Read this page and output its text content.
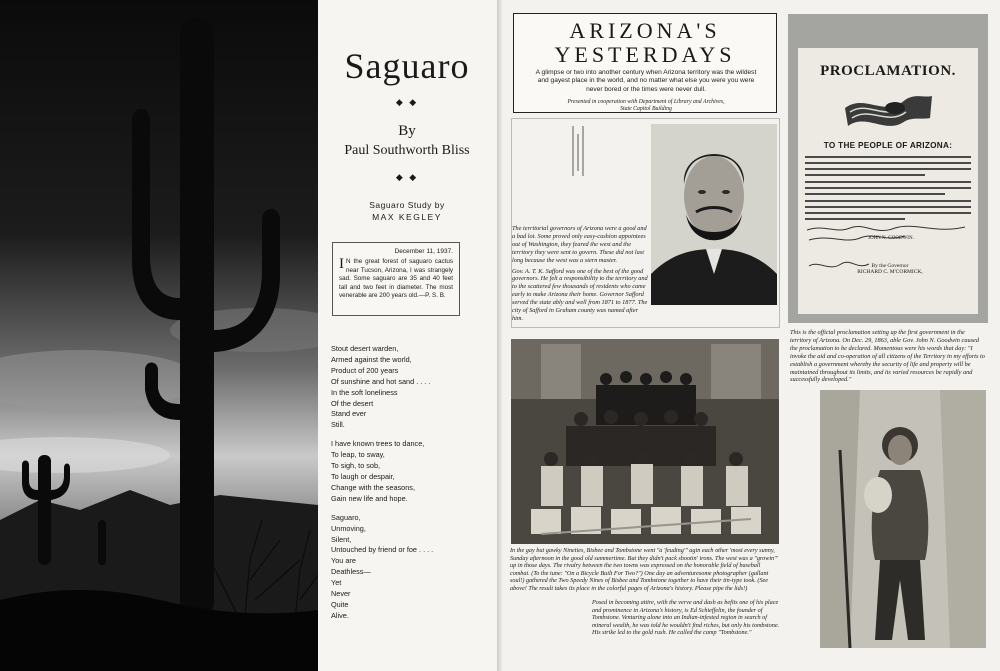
Saguaro
◆ ◆
By
Paul Southworth Bliss
◆ ◆
Saguaro Study by
MAX KEGLEY
December 11, 1937.
IN the great forest of saguaro cactus near Tucson, Arizona, I was strangely sad. Some saguaro are 35 and 40 feet tall and two feet in diameter. The most venerable are 200 years old.—P. S. B.
Stout desert warden,
Armed against the world,
Product of 200 years
Of sunshine and hot sand . . . .
In the soft loneliness
Of the desert
Stand ever
Still.
I have known trees to dance,
To leap, to sway,
To sigh, to sob,
To laugh or despair,
Change with the seasons,
Gain new life and hope.
Saguaro,
Unmoving,
Silent,
Untouched by friend or foe . . . .
You are
Deathless—
Yet
Never
Quite
Alive.
ARIZONA'S
YESTERDAYS
A glimpse or two into another century when Arizona territory was the wildest and gayest place in the world, and no matter what else you were you were never bored or the times were never dull.
Presented in cooperation with Department of Library and Archives,
State Capitol Building

The territorial governors of Arizona were a good and a bad lot. Some proved only easy-cushion appointees out of Washington, they feared the west and the territory they were sent to govern. These did not last long because the west was a stern master.

Gov. A. T. K. Safford was one of the best of the good governors. He felt a responsibility to the territory and to the scattered few thousands of residents who came early to make Arizona their home. Governor Safford served the state ably and well from 1871 to 1877. The city of Safford in Graham county was named after him.

PROCLAMATION.
TO THE PEOPLE OF ARIZONA:
JOHN N. GOODWIN.
By the Governor
RICHARD C. M'CORMICK,
This is the official proclamation setting up the first government in the territory of Arizona. On Dec. 29, 1863, able Gov. John N. Goodwin caused the proclamation to be declared. Momentous were his words that day: "I invoke the aid and co-operation of all citizens of the Territory in my efforts to establish a government whereby the security of life and property will be maintained throughout its limits, and its varied resources be rapidly and successfully developed."
In the gay but gawky Nineties, Bisbee and Tombstone went "a 'feuding'" agin each other 'most every sunny, Sunday afternoon in the good old summertime. But they didn't pack shootin' irons. The west was a "growin'" up in those days. The rivalry between the two towns was expressed on the honorable field of baseball combat. (To the tune: "On a Bicycle Built For Two?") One day an adventuresome photographer (gallant soul!) gathered the Two Speedy Nines of Bisbee and Tombstone together to have their tin-type took. (See above! The result takes its place in the colorful pages of Arizona's history. Please pipe the lids!)
Posed in becoming attire, with the verve and dash as befits one of his place and prominence in Arizona's history, is Ed Schieffelin, the founder of Tombstone. Venturing alone into an Indian-infested region in search of mineral wealth, he was told he wouldn't find riches, but only his tombstone. His strike led to the gold rush. He called the camp "Tombstone."
